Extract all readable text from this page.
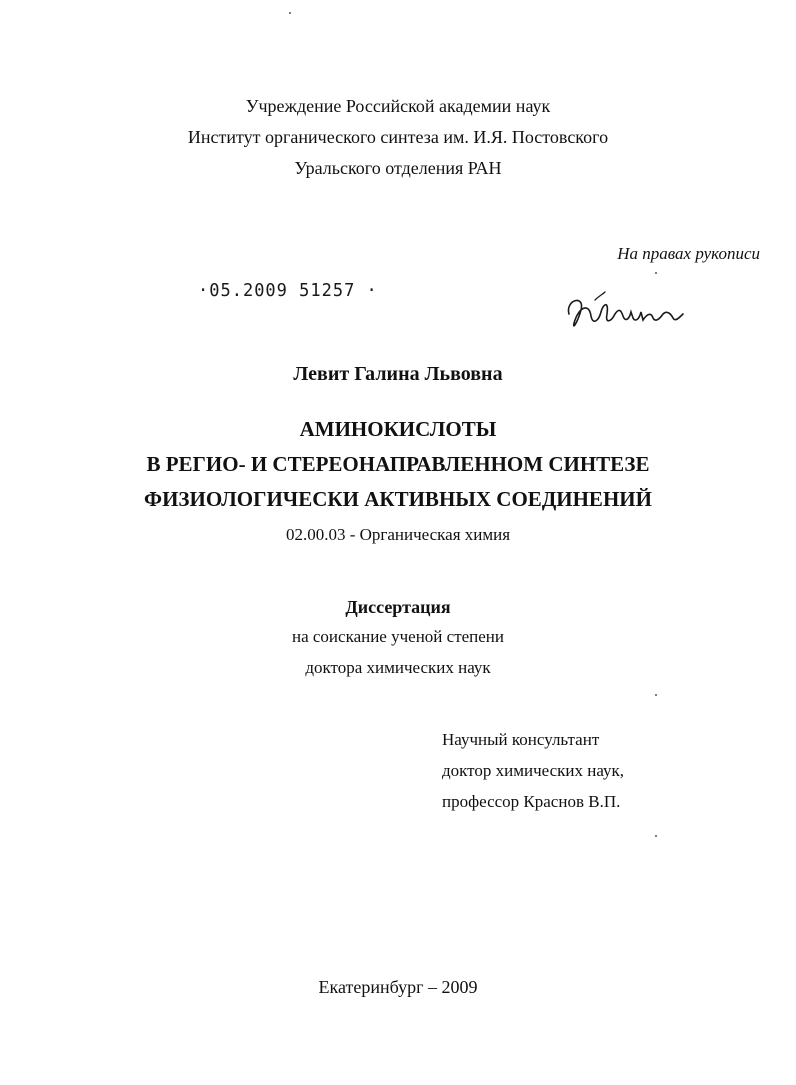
Учреждение Российской академии наук
Институт органического синтеза им. И.Я. Постовского
Уральского отделения РАН
На правах рукописи
·05.2009 51257 ·
Левит Галина Львовна
АМИНОКИСЛОТЫ
В РЕГИО- И СТЕРЕОНАПРАВЛЕННОМ СИНТЕЗЕ
ФИЗИОЛОГИЧЕСКИ АКТИВНЫХ СОЕДИНЕНИЙ
02.00.03 - Органическая химия
Диссертация
на соискание ученой степени
доктора химических наук
Научный консультант
доктор химических наук,
профессор Краснов В.П.
Екатеринбург – 2009
